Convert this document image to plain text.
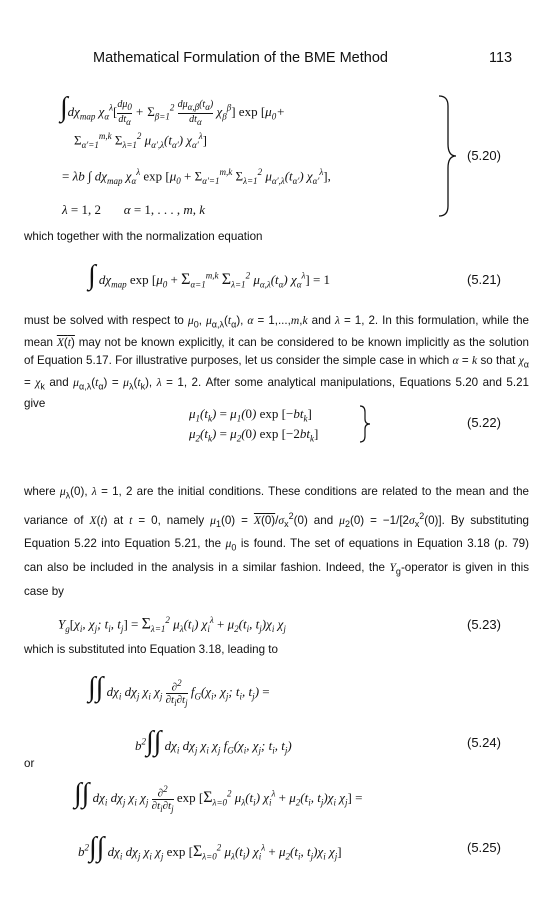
Mathematical Formulation of the BME Method	113
$\int d\chi_{map}$ $\chi_\alpha^\lambda$[ $d\mu_0$
$dt_\alpha$
+ $\Sigma_{\beta=1}^2$ $d\mu_{\alpha,\beta}(t_\alpha)$
$dt_\alpha$
$\chi_\beta^\beta$] $\exp [\mu_0+$
$\Sigma_{\alpha'=1}^{m,k}$ $\Sigma_{\lambda=1}^2$ $\mu_{\alpha',\lambda}(t_{\alpha'})$ $\chi_{\alpha'}^\lambda$]
= λb ∫ $d\chi_{map}$ $\chi_\alpha^\lambda$ $\exp [\mu_0 + \Sigma_{\alpha'=1}^{m,k}$ $\Sigma_{\lambda=1}^2$ $\mu_{\alpha',\lambda}(t_{\alpha'})$ $\chi_{\alpha'}^\lambda$],
λ = 1, 2       α = 1, . . . , m, k
(5.20)
which together with the normalization equation
∫ $d\chi_{map}$ $\exp [\mu_0 + \Sigma_{\alpha=1}^{m,k}$ $\Sigma_{\lambda=1}^2$ $\mu_{\alpha,\lambda}(t_\alpha) \chi_\alpha^\lambda] = 1$	(5.21)
must be solved with respect to $\mu_0$, $\mu_{\alpha,\lambda}(t_\alpha)$, α = 1,...,m,k and λ = 1, 2. In this formulation, while the mean X(t) may not be known explicitly, it can be considered to be known implicitly as the solution of Equation 5.17. For illustrative purposes, let us consider the simple case in which α = k so that $\chi_\alpha = \chi_k$ and $\mu_{\alpha,\lambda}(t_\alpha) = \mu_\lambda(t_k)$, λ = 1, 2. After some analytical manipulations, Equations 5.20 and 5.21 give
$\mu_1(t_k) = \mu_1(0)$ $\exp [-bt_k]$
$\mu_2(t_k) = \mu_2(0)$ $\exp [-2bt_k]$
(5.22)
where $\mu_\lambda(0)$, λ = 1, 2 are the initial conditions. These conditions are related to the mean and the variance of X(t) at t = 0, namely $\mu_1(0) = X(0)/\sigma_x^2(0)$ and $\mu_2(0) = -1/[2\sigma_x^2(0)]$. By substituting Equation 5.22 into Equation 5.21, the $\mu_0$ is found. The set of equations in Equation 3.18 (p. 79) can also be included in the analysis in a similar fashion. Indeed, the $Y_g$-operator is given in this case by
$Y_g[\chi_i$, $\chi_j$; $t_i$, $t_j] = \Sigma_{\lambda=1}^2$ $\mu_\lambda(t_i) \chi_i^\lambda + \mu_2(t_i$, $t_j)\chi_i$ $\chi_j$	(5.23)
which is substituted into Equation 3.18, leading to
∫∫ $d\chi_i$ $d\chi_j$ $\chi_i$ $\chi_j \frac{\partial^2}{\partial t_i\partial t_j} f_G(\chi_i$, $\chi_j$; $t_i$, $t_j$) =
$b^2\int\int$ $d\chi_i$ $d\chi_j$ $\chi_i$ $\chi_j$ $f_G(\chi_i$, $\chi_j$; $t_i$, $t_j$)	(5.24)
or
∫∫ $d\chi_i$ $d\chi_j$ $\chi_i$ $\chi_j \frac{\partial^2}{\partial t_i\partial t_j}$ $\exp [\Sigma_{\lambda=0}^2$ $\mu_\lambda(t_i) \chi_i^\lambda + \mu_2(t_i$, $t_j)\chi_i$ $\chi_j$] =
$b^2\int\int$ $d\chi_i$ $d\chi_j$ $\chi_i$ $\chi_j$ $\exp [\Sigma_{\lambda=0}^2$ $\mu_\lambda(t_i) \chi_i^\lambda + \mu_2(t_i$, $t_j)\chi_i$ $\chi_j$]	(5.25)
